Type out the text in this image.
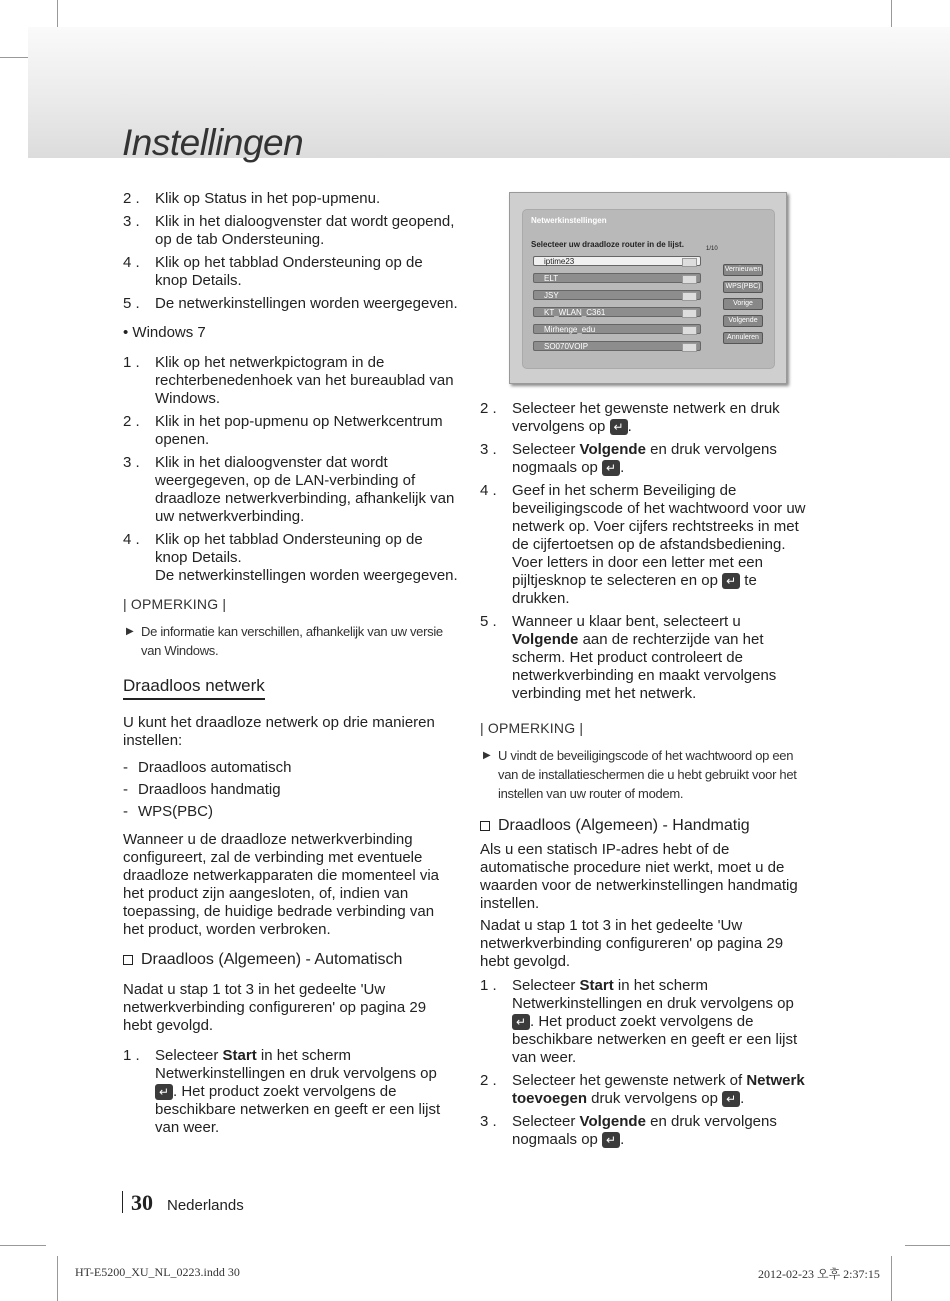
Instellingen
2 . Klik op Status in het pop-upmenu.
3 . Klik in het dialoogvenster dat wordt geopend, op de tab Ondersteuning.
4 . Klik op het tabblad Ondersteuning op de knop Details.
5 . De netwerkinstellingen worden weergegeven.
• Windows 7
1 . Klik op het netwerkpictogram in de rechterbenedenhoek van het bureaublad van Windows.
2 . Klik in het pop-upmenu op Netwerkcentrum openen.
3 . Klik in het dialoogvenster dat wordt weergegeven, op de LAN-verbinding of draadloze netwerkverbinding, afhankelijk van uw netwerkverbinding.
4 . Klik op het tabblad Ondersteuning op de knop Details.
De netwerkinstellingen worden weergegeven.
| OPMERKING |
▶ De informatie kan verschillen, afhankelijk van uw versie van Windows.
Draadloos netwerk
U kunt het draadloze netwerk op drie manieren instellen:
- Draadloos automatisch
- Draadloos handmatig
- WPS(PBC)
Wanneer u de draadloze netwerkverbinding configureert, zal de verbinding met eventuele draadloze netwerkapparaten die momenteel via het product zijn aangesloten, of, indien van toepassing, de huidige bedrade verbinding van het product, worden verbroken.
Draadloos (Algemeen) - Automatisch
Nadat u stap 1 tot 3 in het gedeelte 'Uw netwerkverbinding configureren' op pagina 29 hebt gevolgd.
1 . Selecteer Start in het scherm Netwerkinstellingen en druk vervolgens op ↵ . Het product zoekt vervolgens de beschikbare netwerken en geeft er een lijst van weer.
Netwerkinstellingen
Selecteer uw draadloze router in de lijst.	1/10
iptime23
ELT
JSY
KT_WLAN_C361
Mirhenge_edu
SO070VOIP
Vernieuwen
WPS(PBC)
Vorige
Volgende
Annuleren
2 . Selecteer het gewenste netwerk en druk vervolgens op ↵ .
3 . Selecteer Volgende en druk vervolgens nogmaals op ↵ .
4 . Geef in het scherm Beveiliging de beveiligingscode of het wachtwoord voor uw netwerk op. Voer cijfers rechtstreeks in met de cijfertoetsen op de afstandsbediening. Voer letters in door een letter met een pijltjesknop te selecteren en op ↵ te drukken.
5 . Wanneer u klaar bent, selecteert u Volgende aan de rechterzijde van het scherm. Het product controleert de netwerkverbinding en maakt vervolgens verbinding met het netwerk.
| OPMERKING |
▶ U vindt de beveiligingscode of het wachtwoord op een van de installatieschermen die u hebt gebruikt voor het instellen van uw router of modem.
Draadloos (Algemeen) - Handmatig
Als u een statisch IP-adres hebt of de automatische procedure niet werkt, moet u de waarden voor de netwerkinstellingen handmatig instellen.
Nadat u stap 1 tot 3 in het gedeelte 'Uw netwerkverbinding configureren' op pagina 29 hebt gevolgd.
1 . Selecteer Start in het scherm Netwerkinstellingen en druk vervolgens op ↵ . Het product zoekt vervolgens de beschikbare netwerken en geeft er een lijst van weer.
2 . Selecteer het gewenste netwerk of Netwerk toevoegen druk vervolgens op ↵ .
3 . Selecteer Volgende en druk vervolgens nogmaals op ↵ .
30 Nederlands
HT-E5200_XU_NL_0223.indd 30	2012-02-23 오후 2:37:15
